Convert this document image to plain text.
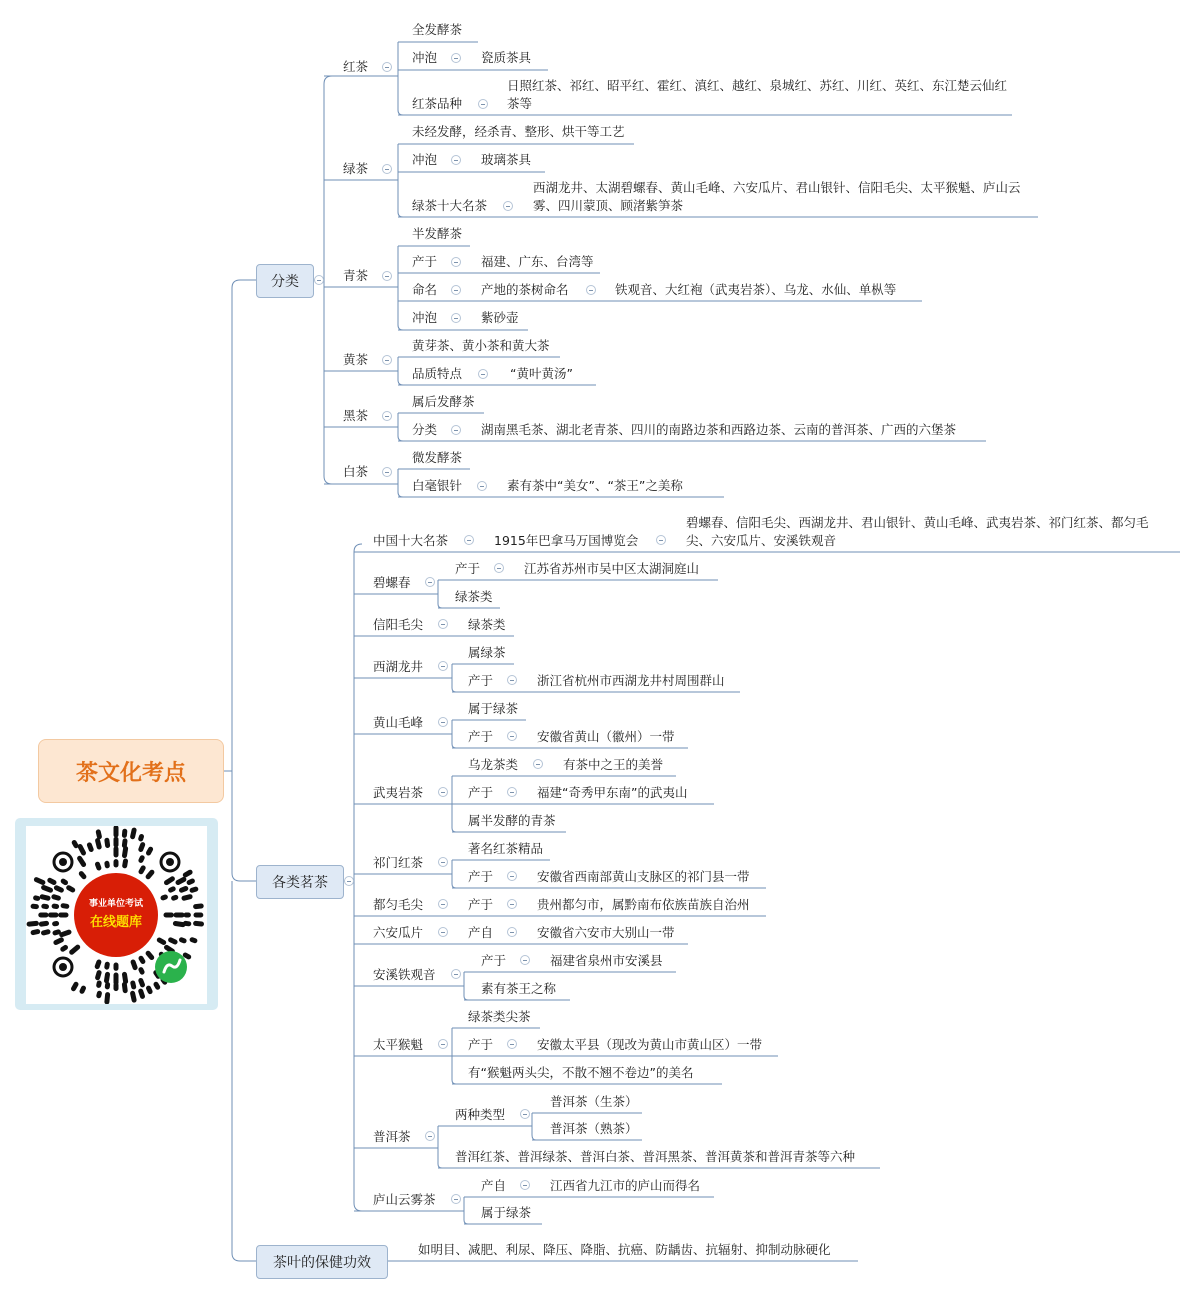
茶文化考点
事业单位考试
在线题库
分类
各类茗茶
茶叶的保健功效
红茶
全发酵茶
冲泡	瓷质茶具
红茶品种
日照红茶、祁红、昭平红、霍红、滇红、越红、泉城红、苏红、川红、英红、东江楚云仙红茶等
绿茶
未经发酵，经杀青、整形、烘干等工艺
冲泡	玻璃茶具
绿茶十大名茶
西湖龙井、太湖碧螺春、黄山毛峰、六安瓜片、君山银针、信阳毛尖、太平猴魁、庐山云雾、四川蒙顶、顾渚紫笋茶
青茶
半发酵茶
产于	福建、广东、台湾等
命名	产地的茶树命名	铁观音、大红袍（武夷岩茶）、乌龙、水仙、单枞等
冲泡	紫砂壶
黄茶
黄芽茶、黄小茶和黄大茶
品质特点	“黄叶黄汤”
黑茶
属后发酵茶
分类	湖南黑毛茶、湖北老青茶、四川的南路边茶和西路边茶、云南的普洱茶、广西的六堡茶
白茶
微发酵茶
白毫银针	素有茶中“美女”、“茶王”之美称
中国十大名茶	1915年巴拿马万国博览会
碧螺春、信阳毛尖、西湖龙井、君山银针、黄山毛峰、武夷岩茶、祁门红茶、都匀毛尖、六安瓜片、安溪铁观音
碧螺春
产于	江苏省苏州市吴中区太湖洞庭山
绿茶类
信阳毛尖	绿茶类
西湖龙井
属绿茶
产于	浙江省杭州市西湖龙井村周围群山
黄山毛峰
属于绿茶
产于	安徽省黄山（徽州）一带
武夷岩茶
乌龙茶类	有茶中之王的美誉
产于	福建“奇秀甲东南”的武夷山
属半发酵的青茶
祁门红茶
著名红茶精品
产于	安徽省西南部黄山支脉区的祁门县一带
都匀毛尖	产于	贵州都匀市，属黔南布依族苗族自治州
六安瓜片	产自	安徽省六安市大别山一带
安溪铁观音
产于	福建省泉州市安溪县
素有茶王之称
太平猴魁
绿茶类尖茶
产于	安徽太平县（现改为黄山市黄山区）一带
有“猴魁两头尖，不散不翘不卷边”的美名
普洱茶
两种类型
普洱茶（生茶）
普洱茶（熟茶）
普洱红茶、普洱绿茶、普洱白茶、普洱黑茶、普洱黄茶和普洱青茶等六种
庐山云雾茶
产自	江西省九江市的庐山而得名
属于绿茶
如明目、减肥、利尿、降压、降脂、抗癌、防龋齿、抗辐射、抑制动脉硬化
